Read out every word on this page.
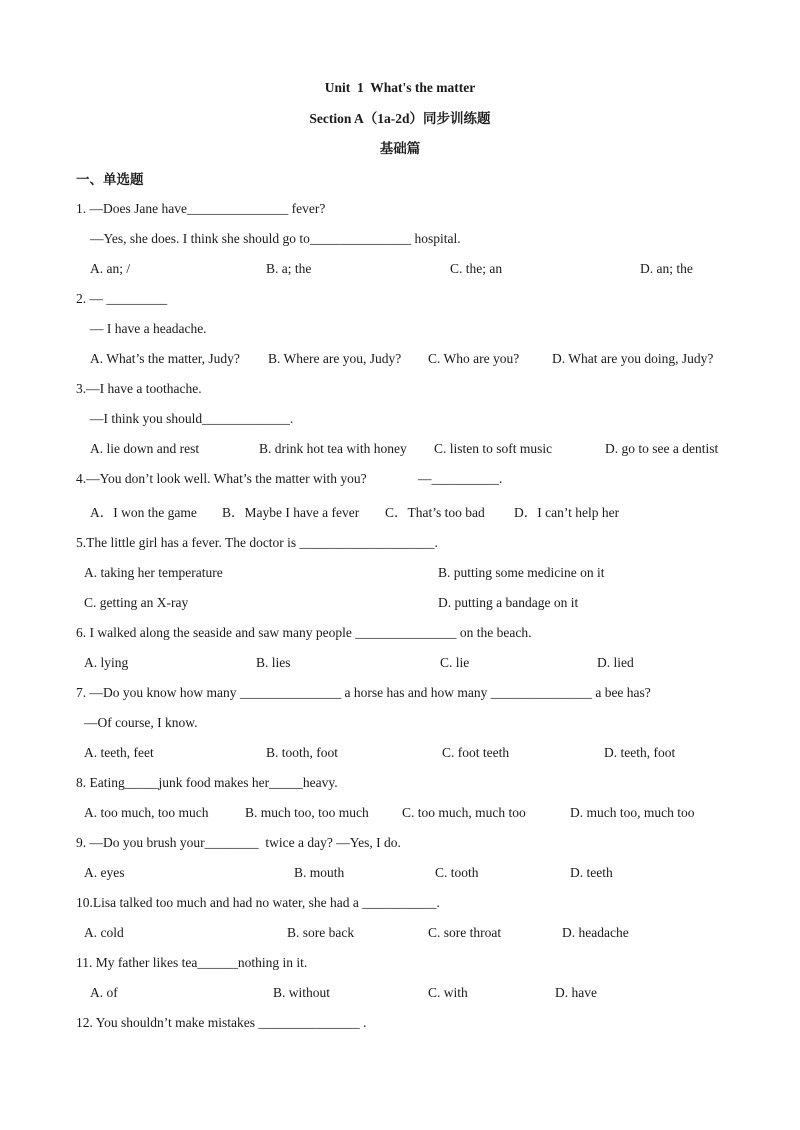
Unit  1  What's the matter
Section A（1a-2d）同步训练题
基础篇
一、单选题
1. —Does Jane have_______________ fever?
—Yes, she does. I think she should go to_______________ hospital.
A. an; /	B. a; the	C. the; an	D. an; the
2. — _________
— I have a headache.
A. What’s the matter, Judy? B. Where are you, Judy? C. Who are you? D. What are you doing, Judy?
3.—I have a toothache.
—I think you should_____________.
A. lie down and rest	B. drink hot tea with honey C. listen to soft music	D. go to see a dentist
4.—You don’t look well. What’s the matter with you?	—__________.
A．I won the game B．Maybe I have a fever C．That’s too bad D．I can’t help her
5.The little girl has a fever. The doctor is ____________________.
A. taking her temperature	B. putting some medicine on it
C. getting an X-ray	D. putting a bandage on it
6. I walked along the seaside and saw many people _______________ on the beach.
A. lying	B. lies	C. lie	D. lied
7. —Do you know how many _______________ a horse has and how many _______________ a bee has?
—Of course, I know.
A. teeth, feet	B. tooth, foot	C. foot teeth	D. teeth, foot
8. Eating_____junk food makes her_____heavy.
A. too much, too much	B. much too, too much C. too much, much too	D. much too, much too
9. —Do you brush your________  twice a day? —Yes, I do.
A. eyes	B. mouth	C. tooth	D. teeth
10.Lisa talked too much and had no water, she had a ___________.
A. cold	B. sore back	C. sore throat	D. headache
11. My father likes tea______nothing in it.
A. of	B. without	C. with	D. have
12. You shouldn’t make mistakes _______________ .
